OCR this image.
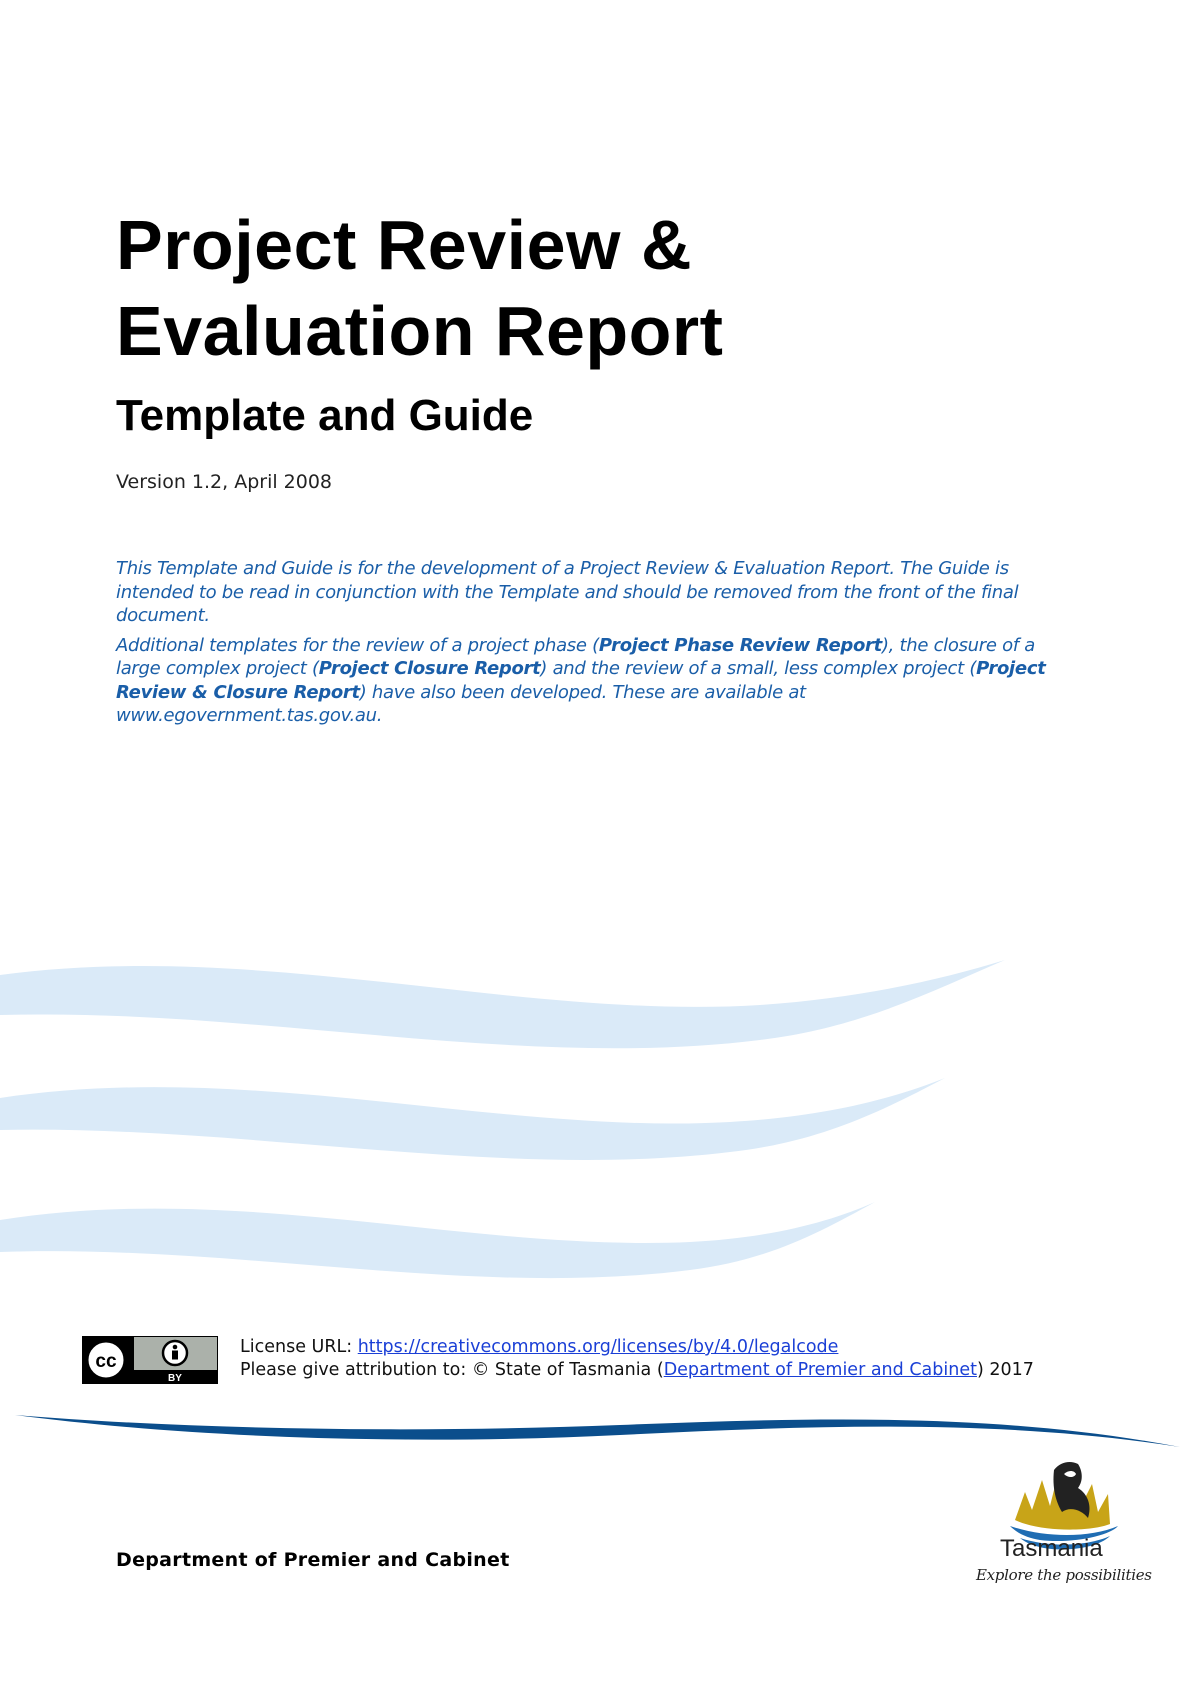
Project Review &
Evaluation Report
Template and Guide

Version 1.2, April 2008

This Template and Guide is for the development of a Project Review & Evaluation Report. The Guide is intended to be read in conjunction with the Template and should be removed from the front of the final document.

Additional templates for the review of a project phase (Project Phase Review Report), the closure of a large complex project (Project Closure Report) and the review of a small, less complex project (Project Review & Closure Report) have also been developed. These are available at www.egovernment.tas.gov.au.

cc
BY
License URL: https://creativecommons.org/licenses/by/4.0/legalcode
Please give attribution to: © State of Tasmania (Department of Premier and Cabinet) 2017
Department of Premier and Cabinet	Tasmania
Explore the possibilities
